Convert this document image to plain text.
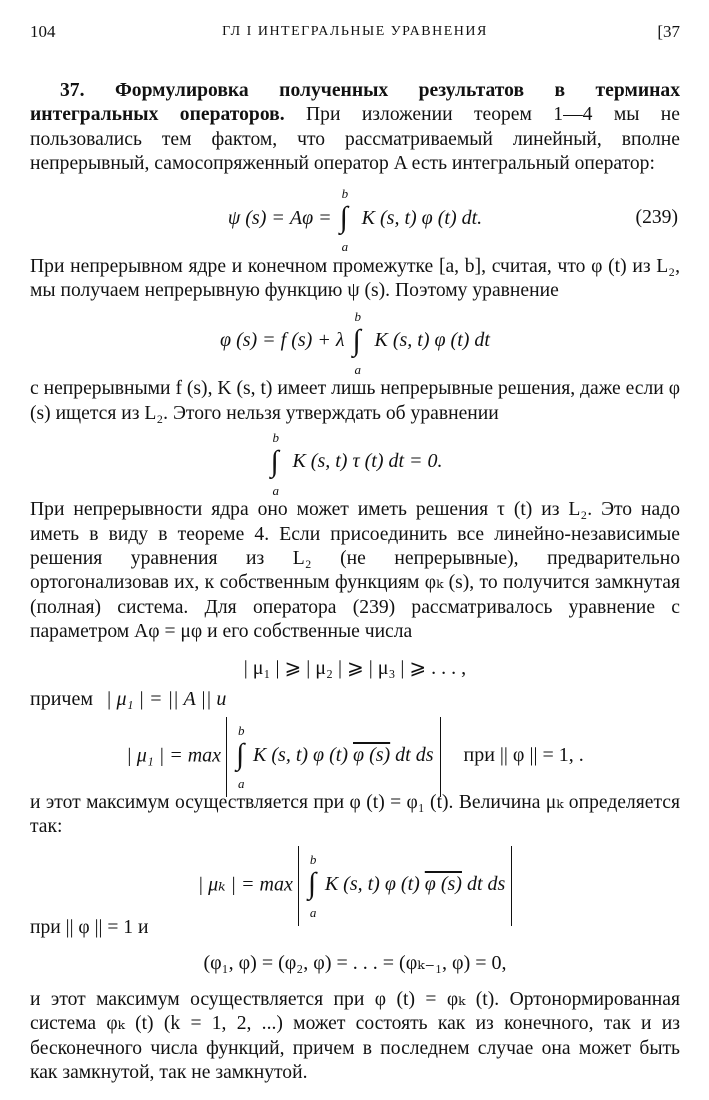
104	ГЛ I ИНТЕГРАЛЬНЫЕ УРАВНЕНИЯ	[37

37. Формулировка полученных результатов в терминах интегральных операторов. При изложении теорем 1—4 мы не пользовались тем фактом, что рассматриваемый линейный, вполне непрерывный, самосопряженный оператор A есть интегральный оператор:

ψ (s) = Aφ =
b
∫
a
K (s, t) φ (t) dt.	(239)

При непрерывном ядре и конечном промежутке [a, b], считая, что φ (t) из L₂, мы получаем непрерывную функцию ψ (s). Поэтому уравнение

φ (s) = f (s) + λ
b
∫
a
K (s, t) φ (t) dt

с непрерывными f (s), K (s, t) имеет лишь непрерывные решения, даже если φ (s) ищется из L₂. Этого нельзя утверждать об уравнении

b
∫
a
K (s, t) τ (t) dt = 0.

При непрерывности ядра оно может иметь решения τ (t) из L₂. Это надо иметь в виду в теореме 4. Если присоединить все линейно-независимые решения уравнения из L₂ (не непрерывные), предварительно ортогонализовав их, к собственным функциям φₖ (s), то получится замкнутая (полная) система. Для оператора (239) рассматривалось уравнение с параметром Aφ = μφ и его собственные числа

| μ₁ | ⩾ | μ₂ | ⩾ | μ₃ | ⩾ . . . ,
причем | μ₁ | = || A || и
| μ₁ | = max
b
∫
a
K (s, t) φ (t) φ (s) dt ds при || φ || = 1, .

и этот максимум осуществляется при φ (t) = φ₁ (t). Величина μₖ определяется так:

| μₖ | = max
b
∫
a
K (s, t) φ (t) φ (s) dt ds

при || φ || = 1 и

(φ₁, φ) = (φ₂, φ) = . . . = (φₖ₋₁, φ) = 0,

и этот максимум осуществляется при φ (t) = φₖ (t). Ортонормированная система φₖ (t) (k = 1, 2, ...) может состоять как из конечного, так и из бесконечного числа функций, причем в последнем случае она может быть как замкнутой, так не замкнутой.
